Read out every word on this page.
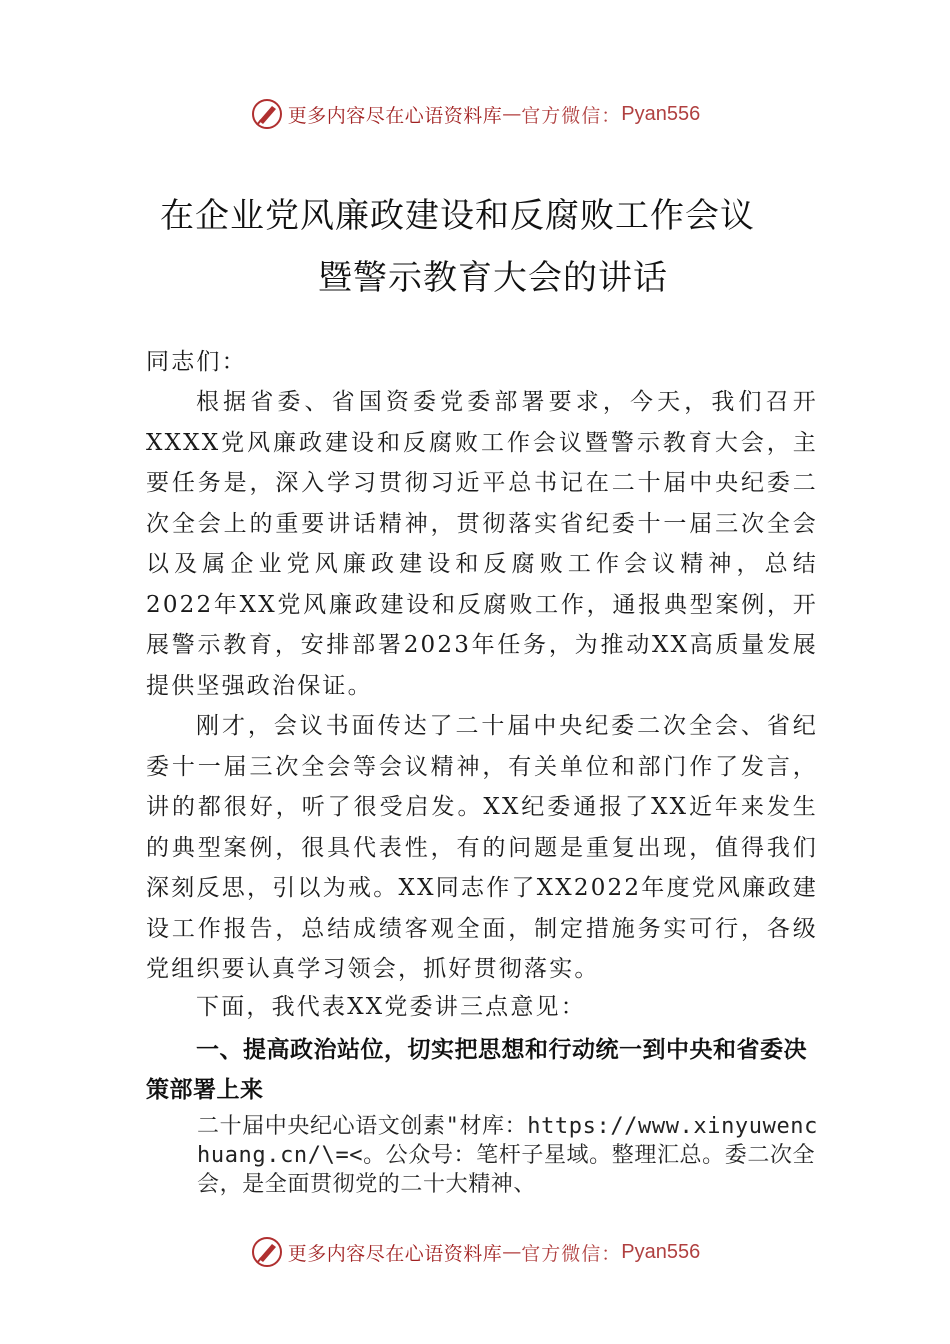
更多内容尽在心语资料库 — 官方微信： Pyan556
在企业党风廉政建设和反腐败工作会议
暨警示教育大会的讲话
同志们：
根据省委、省国资委党委部署要求，今天，我们召开XXXX党风廉政建设和反腐败工作会议暨警示教育大会，主要任务是，深入学习贯彻习近平总书记在二十届中央纪委二次全会上的重要讲话精神，贯彻落实省纪委十一届三次全会以及属企业党风廉政建设和反腐败工作会议精神，总结2022年XX党风廉政建设和反腐败工作，通报典型案例，开展警示教育，安排部署2023年任务，为推动XX高质量发展提供坚强政治保证。
刚才，会议书面传达了二十届中央纪委二次全会、省纪委十一届三次全会等会议精神，有关单位和部门作了发言，讲的都很好，听了很受启发。XX纪委通报了XX近年来发生的典型案例，很具代表性，有的问题是重复出现，值得我们深刻反思，引以为戒。XX同志作了XX2022年度党风廉政建设工作报告，总结成绩客观全面，制定措施务实可行，各级党组织要认真学习领会，抓好贯彻落实。
下面，我代表XX党委讲三点意见：
一、提高政治站位，切实把思想和行动统一到中央和省委决策部署上来
二十届中央纪心语文创素"材库：https://www.xinyuwenchuang.cn/\=<。公众号：笔杆子星域。整理汇总。委二次全会，是全面贯彻党的二十大精神、
更多内容尽在心语资料库 — 官方微信： Pyan556
